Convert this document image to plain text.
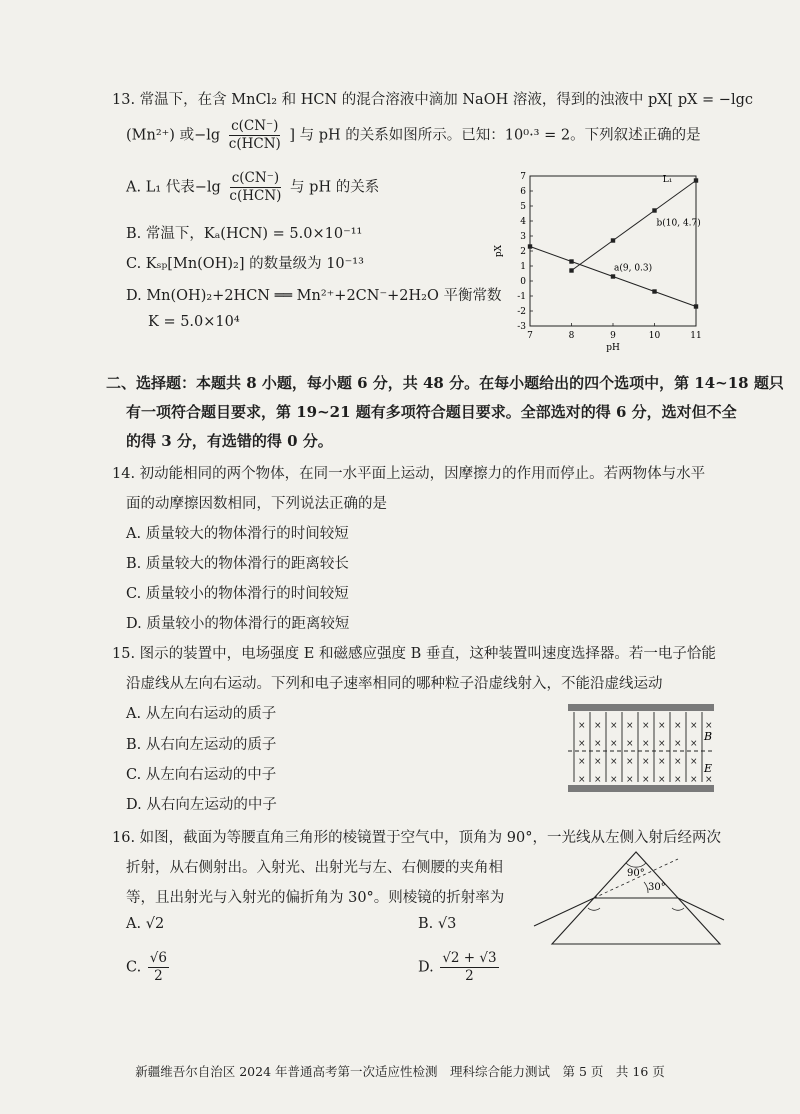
13. 常温下，在含 MnCl₂ 和 HCN 的混合溶液中滴加 NaOH 溶液，得到的浊液中 pX[ pX = −lgc
(Mn²⁺) 或$-\lg \frac{c(CN^-)}{\text{c(HCN)}}$ ] 与 pH 的关系如图所示。已知：10⁰·³ = 2。下列叙述正确的是
A. L₁ 代表$-\lg \frac{c(CN^-)}{\text{c(HCN)}}$ 与 pH 的关系
B. 常温下，Kₐ(HCN) = 5.0×10⁻¹¹
C. Kₛₚ[Mn(OH)₂] 的数量级为 10⁻¹³
D. Mn(OH)₂+2HCN ══ Mn²⁺+2CN⁻+2H₂O 平衡常数
K = 5.0×10⁴	-3
-2
-1
0
1
2
3
4
5
6
7
7	8	9	10	11
pH
pX
L₁
b(10, 4.7)
a(9, 0.3)
二、选择题：本题共 8 小题，每小题 6 分，共 48 分。在每小题给出的四个选项中，第 14~18 题只
有一项符合题目要求，第 19~21 题有多项符合题目要求。全部选对的得 6 分，选对但不全
的得 3 分，有选错的得 0 分。
14. 初动能相同的两个物体，在同一水平面上运动，因摩擦力的作用而停止。若两物体与水平
面的动摩擦因数相同，下列说法正确的是
A. 质量较大的物体滑行的时间较短
B. 质量较大的物体滑行的距离较长
C. 质量较小的物体滑行的时间较短
D. 质量较小的物体滑行的距离较短
15. 图示的装置中，电场强度 E 和磁感应强度 B 垂直，这种装置叫速度选择器。若一电子恰能
沿虚线从左向右运动。下列和电子速率相同的哪种粒子沿虚线射入，不能沿虚线运动
A. 从左向右运动的质子
B. 从右向左运动的质子
C. 从左向右运动的中子
D. 从右向左运动的中子
× × × × × × × × ×
× × × × × × × ×
× × × × × × × ×
× × × × × × × × ×
B
E
16. 如图，截面为等腰直角三角形的棱镜置于空气中，顶角为 90°，一光线从左侧入射后经两次
折射，从右侧射出。入射光、出射光与左、右侧腰的夹角相
等，且出射光与入射光的偏折角为 30°。则棱镜的折射率为
A. √2	B. √3
C. $\frac{√6}{2}$	D. $\frac{√2 + √3}{2}$
90°
30°
新疆维吾尔自治区 2024 年普通高考第一次适应性检测　理科综合能力测试　第 5 页　共 16 页
